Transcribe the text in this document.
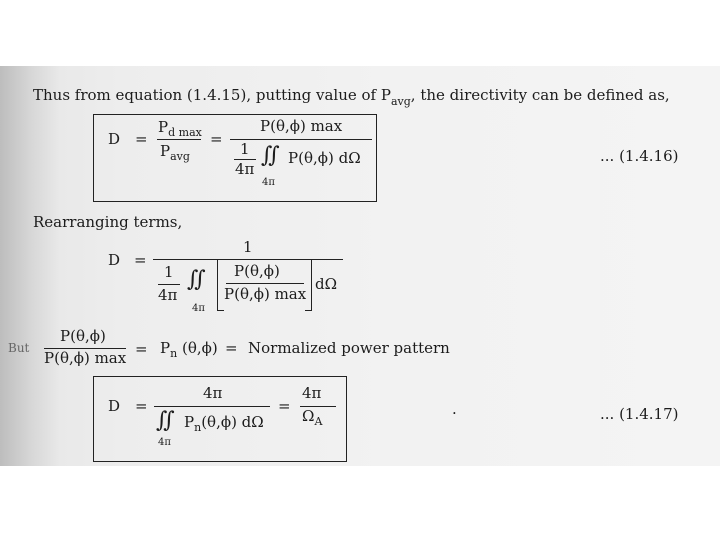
Thus from equation (1.4.15), putting value of $P_{avg}$, the directivity can be defined as,
D =
$P_{d max}$
$P_{avg}$
=
P(θ,ϕ) max
1
4π
∬ P(θ,ϕ) dΩ
4π
... (1.4.16)
Rearranging terms,
D =
1
1
4π
∬
4π
P(θ,ϕ)
P(θ,ϕ) max
dΩ
But
P(θ,ϕ)
P(θ,ϕ) $\max = P_n$ (θ,ϕ) = Normalized power pattern
D =
4π
∬ $P_n(\theta,\phi)$ dΩ
4π
=
4π
$\Omega_A$	·	... (1.4.17)
